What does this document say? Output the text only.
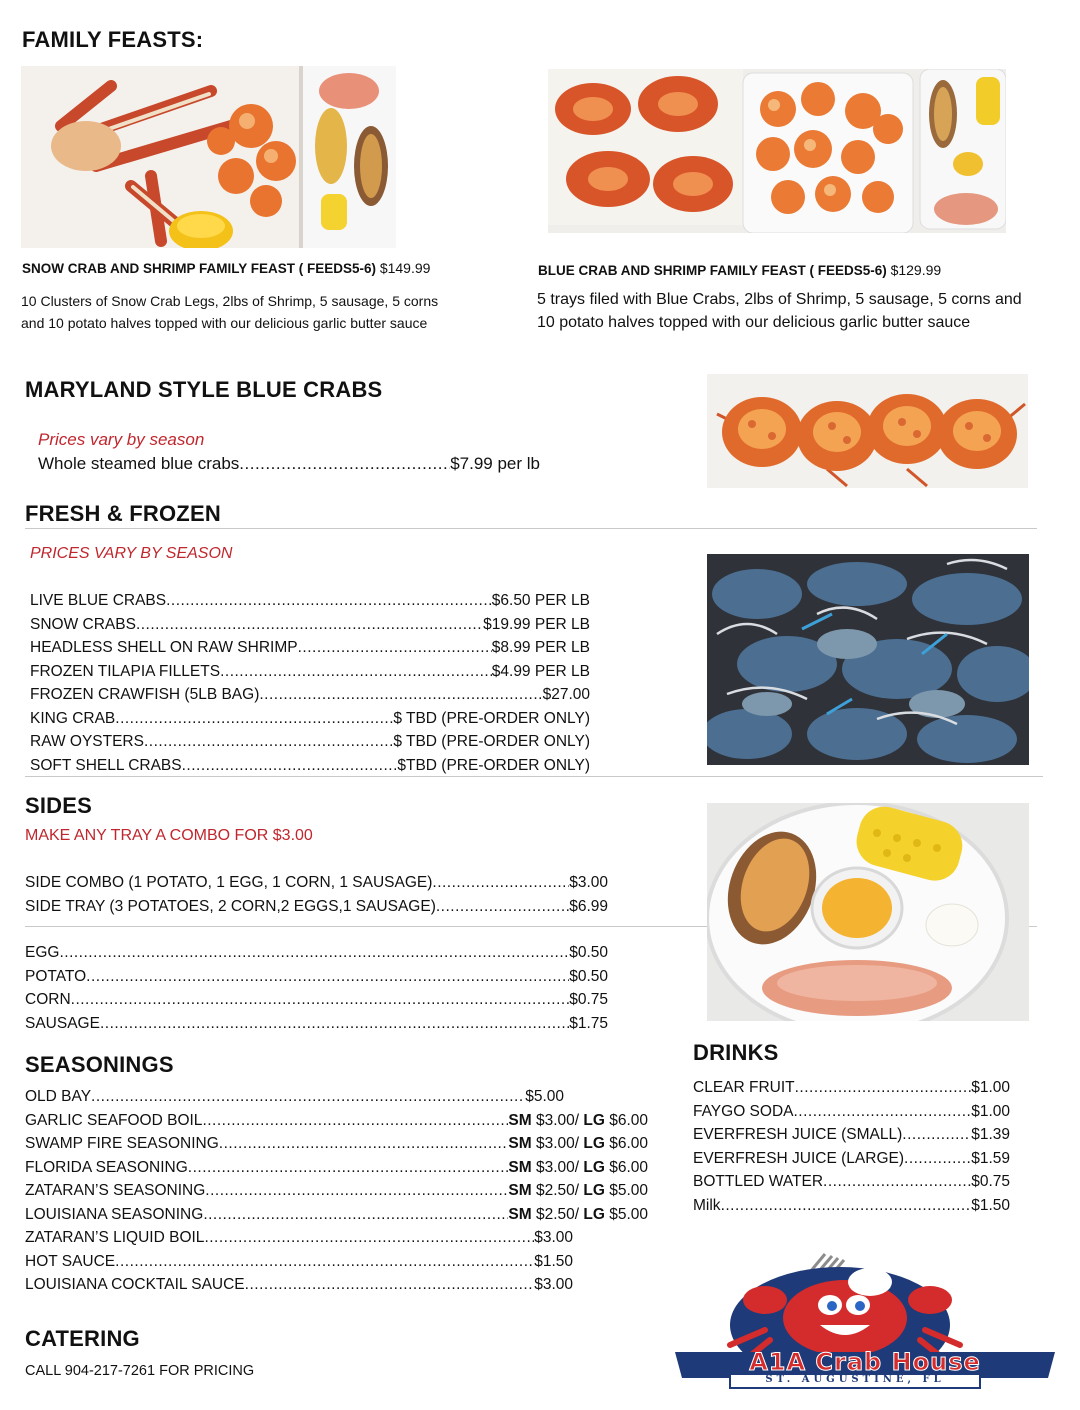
FAMILY FEASTS:
SNOW CRAB AND SHRIMP FAMILY FEAST ( FEEDS5-6) $149.99
10 Clusters of Snow Crab Legs, 2lbs of Shrimp, 5 sausage, 5 corns
and 10 potato halves topped with our delicious garlic butter sauce
BLUE CRAB AND SHRIMP FAMILY FEAST ( FEEDS5-6) $129.99
5 trays filed with Blue Crabs, 2lbs of Shrimp, 5 sausage, 5 corns and
10 potato halves topped with our delicious garlic butter sauce
MARYLAND STYLE BLUE CRABS
Prices vary by season
Whole steamed blue crabs .....	$7.99 per lb
FRESH & FROZEN
PRICES VARY BY SEASON
LIVE BLUE CRABS .....	$6.50 PER LB
SNOW CRABS .....	$19.99 PER LB
HEADLESS SHELL ON RAW SHRIMP .....	$8.99 PER LB
FROZEN TILAPIA FILLETS .....	$4.99 PER LB
FROZEN CRAWFISH (5LB BAG) .....	$27.00
KING CRAB .....	$ TBD (PRE-ORDER ONLY)
RAW OYSTERS .....	$ TBD (PRE-ORDER ONLY)
SOFT SHELL CRABS .....	$TBD (PRE-ORDER ONLY)
SIDES
MAKE ANY TRAY A COMBO FOR $3.00
SIDE COMBO (1 POTATO, 1 EGG, 1 CORN, 1 SAUSAGE) .....	$3.00
SIDE TRAY (3 POTATOES, 2 CORN,2 EGGS,1 SAUSAGE) .....	$6.99
EGG .....	$0.50
POTATO .....	$0.50
CORN .....	$0.75
SAUSAGE .....	$1.75
SEASONINGS
OLD BAY .....	$5.00
GARLIC SEAFOOD BOIL .....	SM $3.00/ LG $6.00
SWAMP FIRE SEASONING .....	SM $3.00/ LG $6.00
FLORIDA SEASONING .....	SM $3.00/ LG $6.00
ZATARAN’S SEASONING .....	SM $2.50/ LG $5.00
LOUISIANA SEASONING .....	SM $2.50/ LG $5.00
ZATARAN’S LIQUID BOIL .....	$3.00
HOT SAUCE .....	$1.50
LOUISIANA COCKTAIL SAUCE .....	$3.00
DRINKS
CLEAR FRUIT .....	$1.00
FAYGO SODA .....	$1.00
EVERFRESH JUICE (SMALL) .....	$1.39
EVERFRESH JUICE (LARGE) .....	$1.59
BOTTLED WATER .....	$0.75
Milk .....	$1.50
CATERING
CALL 904-217-7261 FOR PRICING	A1A Crab House
ST. AUGUSTINE, FL
